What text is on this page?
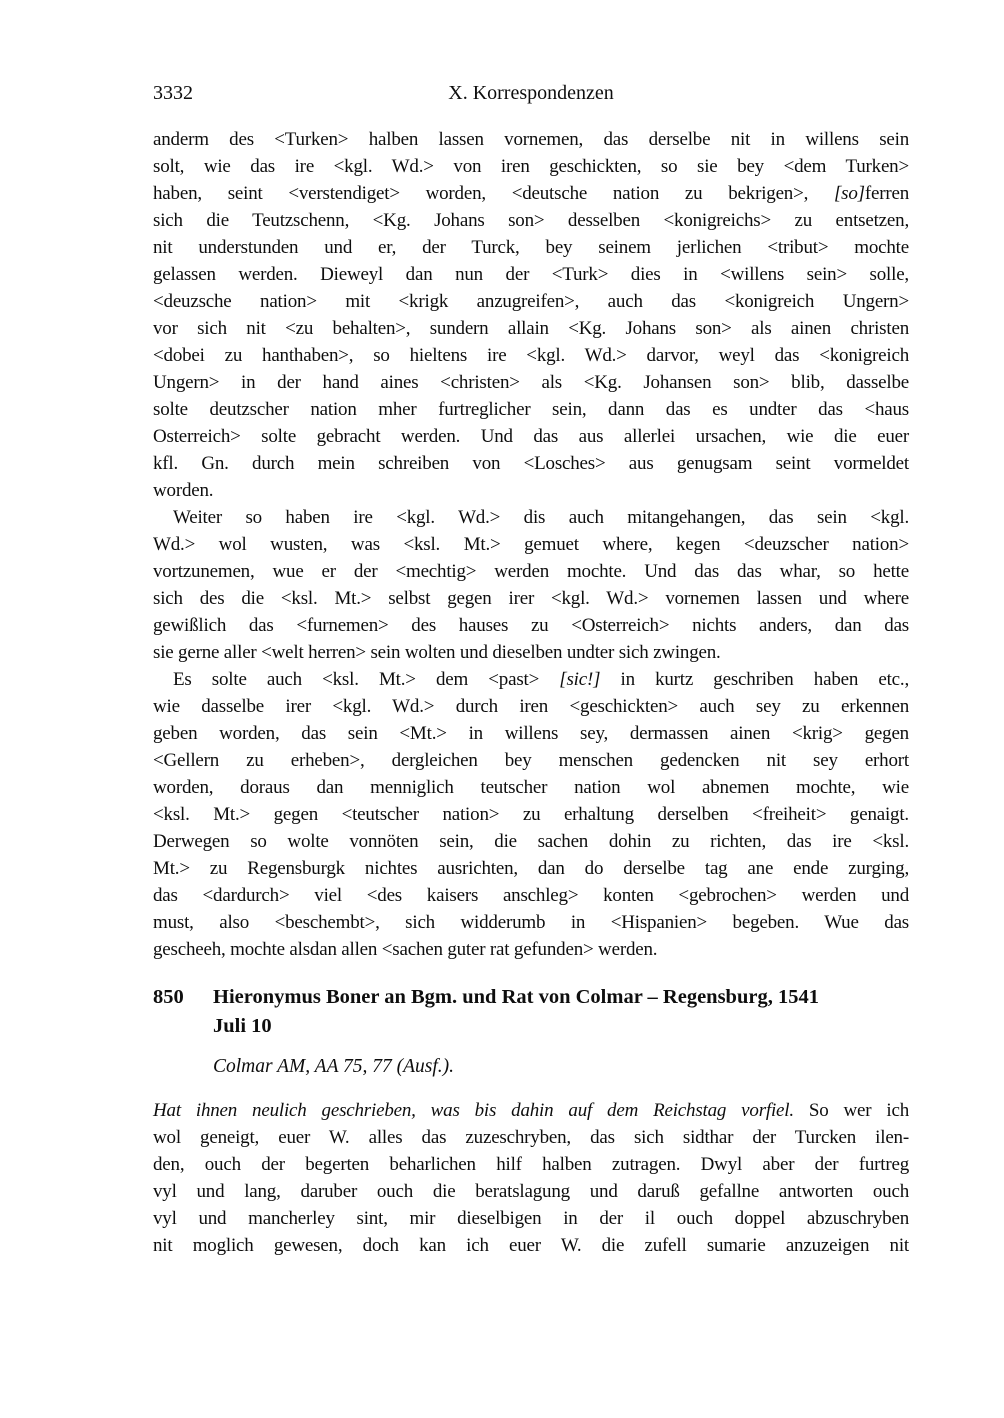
3332	X. Korrespondenzen
anderm des <Turken> halben lassen vornemen, das derselbe nit in willens sein
solt, wie das ire <kgl. Wd.> von iren geschickten, so sie bey <dem Turken>
haben, seint <verstendiget> worden, <deutsche nation zu bekrigen>, [so]ferren
sich die Teutzschenn, <Kg. Johans son> desselben <konigreichs> zu entsetzen,
nit understunden und er, der Turck, bey seinem jerlichen <tribut> mochte
gelassen werden. Dieweyl dan nun der <Turk> dies in <willens sein> solle,
<deuzsche nation> mit <krigk anzugreifen>, auch das <konigreich Ungern>
vor sich nit <zu behalten>, sundern allain <Kg. Johans son> als ainen christen
<dobei zu hanthaben>, so hieltens ire <kgl. Wd.> darvor, weyl das <konigreich
Ungern> in der hand aines <christen> als <Kg. Johansen son> blib, dasselbe
solte deutzscher nation mher furtreglicher sein, dann das es undter das <haus
Osterreich> solte gebracht werden. Und das aus allerlei ursachen, wie die euer
kfl. Gn. durch mein schreiben von <Losches> aus genugsam seint vormeldet
worden.
Weiter so haben ire <kgl. Wd.> dis auch mitangehangen, das sein <kgl.
Wd.> wol wusten, was <ksl. Mt.> gemuet where, kegen <deuzscher nation>
vortzunemen, wue er der <mechtig> werden mochte. Und das das whar, so hette
sich des die <ksl. Mt.> selbst gegen irer <kgl. Wd.> vornemen lassen und where
gewißlich das <furnemen> des hauses zu <Osterreich> nichts anders, dan das
sie gerne aller <welt herren> sein wolten und dieselben undter sich zwingen.
Es solte auch <ksl. Mt.> dem <past> [sic!] in kurtz geschriben haben etc.,
wie dasselbe irer <kgl. Wd.> durch iren <geschickten> auch sey zu erkennen
geben worden, das sein <Mt.> in willens sey, dermassen ainen <krig> gegen
<Gellern zu erheben>, dergleichen bey menschen gedencken nit sey erhort
worden, doraus dan menniglich teutscher nation wol abnemen mochte, wie
<ksl. Mt.> gegen <teutscher nation> zu erhaltung derselben <freiheit> genaigt.
Derwegen so wolte vonnöten sein, die sachen dohin zu richten, das ire <ksl.
Mt.> zu Regensburgk nichtes ausrichten, dan do derselbe tag ane ende zurging,
das <dardurch> viel <des kaisers anschleg> konten <gebrochen> werden und
must, also <beschembt>, sich widderumb in <Hispanien> begeben. Wue das
gescheeh, mochte alsdan allen <sachen guter rat gefunden> werden.
850	Hieronymus Boner an Bgm. und Rat von Colmar – Regensburg, 1541
Juli 10
Colmar AM, AA 75, 77 (Ausf.).
Hat ihnen neulich geschrieben, was bis dahin auf dem Reichstag vorfiel. So wer ich
wol geneigt, euer W. alles das zuzeschryben, das sich sidthar der Turcken ilen-
den, ouch der begerten beharlichen hilf halben zutragen. Dwyl aber der furtreg
vyl und lang, daruber ouch die beratslagung und daruß gefallne antworten ouch
vyl und mancherley sint, mir dieselbigen in der il ouch doppel abzuschryben
nit moglich gewesen, doch kan ich euer W. die zufell sumarie anzuzeigen nit
